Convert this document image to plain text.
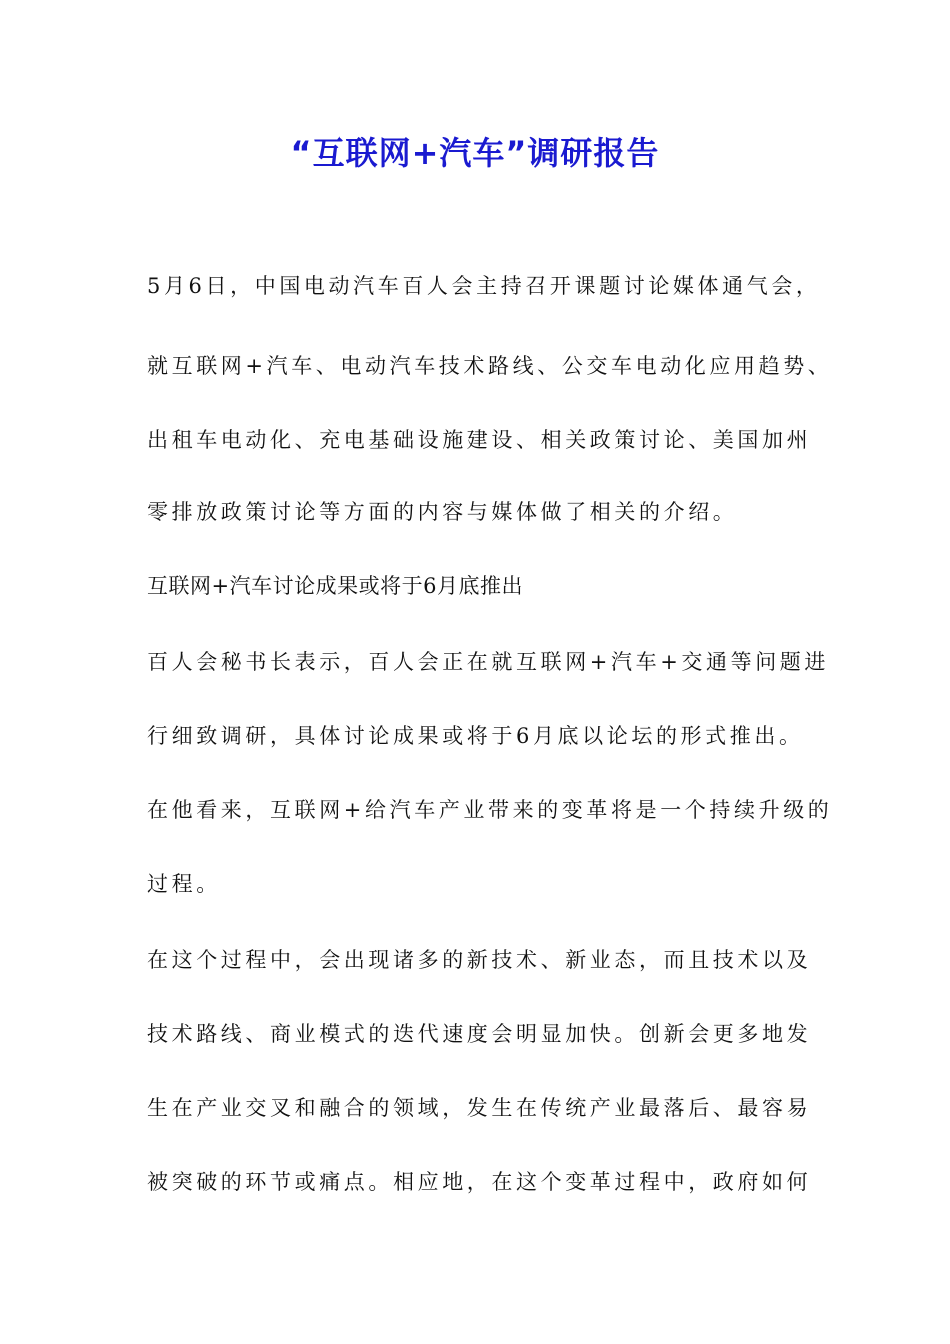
“互联网+汽车”调研报告

5月6日，中国电动汽车百人会主持召开课题讨论媒体通气会，

就互联网+汽车、电动汽车技术路线、公交车电动化应用趋势、

出租车电动化、充电基础设施建设、相关政策讨论、美国加州

零排放政策讨论等方面的内容与媒体做了相关的介绍。

互联网+汽车讨论成果或将于6月底推出

百人会秘书长表示，百人会正在就互联网+汽车+交通等问题进

行细致调研，具体讨论成果或将于6月底以论坛的形式推出。

在他看来，互联网+给汽车产业带来的变革将是一个持续升级的

过程。

在这个过程中，会出现诸多的新技术、新业态，而且技术以及

技术路线、商业模式的迭代速度会明显加快。创新会更多地发

生在产业交叉和融合的领域，发生在传统产业最落后、最容易

被突破的环节或痛点。相应地，在这个变革过程中，政府如何
